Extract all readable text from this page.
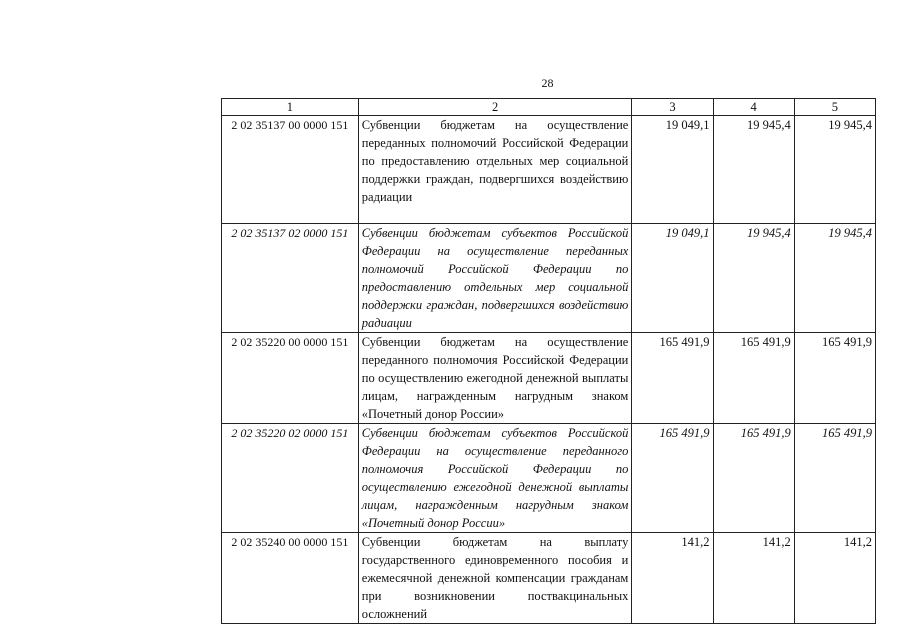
28
1	2	3	4	5
2 02 35137 00 0000 151	Субвенции бюджетам на осуществление переданных полномочий Российской Федерации по предоставлению отдельных мер социальной поддержки граждан, подвергшихся воздействию радиации	19 049,1	19 945,4	19 945,4
2 02 35137 02 0000 151	Субвенции бюджетам субъектов Российской Федерации на осуществление переданных полномочий Российской Федерации по предоставлению отдельных мер социальной поддержки граждан, подвергшихся воздействию радиации	19 049,1	19 945,4	19 945,4
2 02 35220 00 0000 151	Субвенции бюджетам на осуществление переданного полномочия Российской Федерации по осуществлению ежегодной денежной выплаты лицам, награжденным нагрудным знаком «Почетный донор России»	165 491,9	165 491,9	165 491,9
2 02 35220 02 0000 151	Субвенции бюджетам субъектов Российской Федерации на осуществление переданного полномочия Российской Федерации по осуществлению ежегодной денежной выплаты лицам, награжденным нагрудным знаком «Почетный донор России»	165 491,9	165 491,9	165 491,9
2 02 35240 00 0000 151	Субвенции бюджетам на выплату государственного единовременного пособия и ежемесячной денежной компенсации гражданам при возникновении поствакцинальных осложнений	141,2	141,2	141,2
